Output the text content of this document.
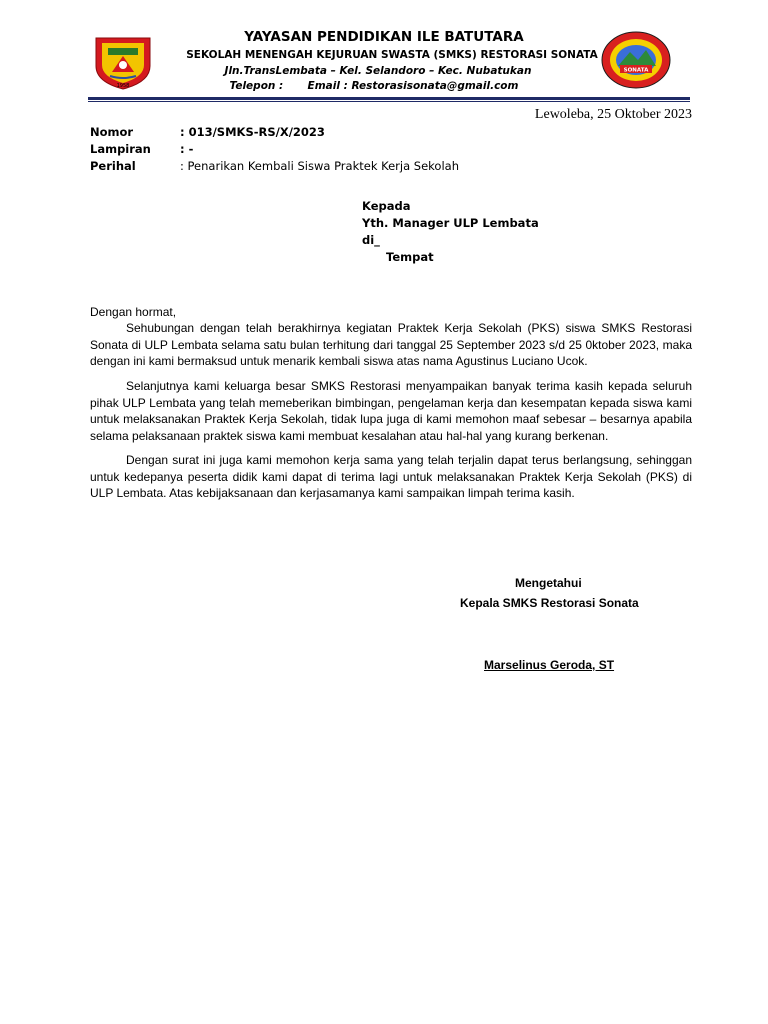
1958
SONATA
YAYASAN PENDIDIKAN ILE BATUTARA
SEKOLAH MENENGAH KEJURUAN SWASTA (SMKS) RESTORASI SONATA
Jln.TransLembata – Kel. Selandoro – Kec. Nubatukan
Telepon : Email : Restorasisonata@gmail.com
Lewoleba, 25 Oktober 2023
Nomor	: 013/SMKS-RS/X/2023
Lampiran	: -
Perihal	: Penarikan Kembali Siswa Praktek Kerja Sekolah
Kepada
Yth. Manager ULP Lembata
di_
Tempat
Dengan hormat,
Sehubungan dengan telah berakhirnya kegiatan Praktek Kerja Sekolah (PKS) siswa SMKS Restorasi Sonata di ULP Lembata selama satu bulan terhitung dari tanggal 25 September 2023 s/d 25 0ktober 2023, maka dengan ini kami bermaksud untuk menarik kembali siswa atas nama Agustinus Luciano Ucok.
Selanjutnya kami keluarga besar SMKS Restorasi menyampaikan banyak terima kasih kepada seluruh pihak ULP Lembata yang telah memeberikan bimbingan, pengelaman kerja dan kesempatan kepada siswa kami untuk melaksanakan Praktek Kerja Sekolah, tidak lupa juga di kami memohon maaf sebesar – besarnya apabila selama pelaksanaan praktek siswa kami membuat kesalahan atau hal-hal yang kurang berkenan.
Dengan surat ini juga kami memohon kerja sama yang telah terjalin dapat terus berlangsung, sehinggan untuk kedepanya peserta didik kami dapat di terima lagi untuk melaksanakan Praktek Kerja Sekolah (PKS) di ULP Lembata. Atas kebijaksanaan dan kerjasamanya kami sampaikan limpah terima kasih.
Mengetahui
Kepala SMKS Restorasi Sonata
Marselinus Geroda, ST
